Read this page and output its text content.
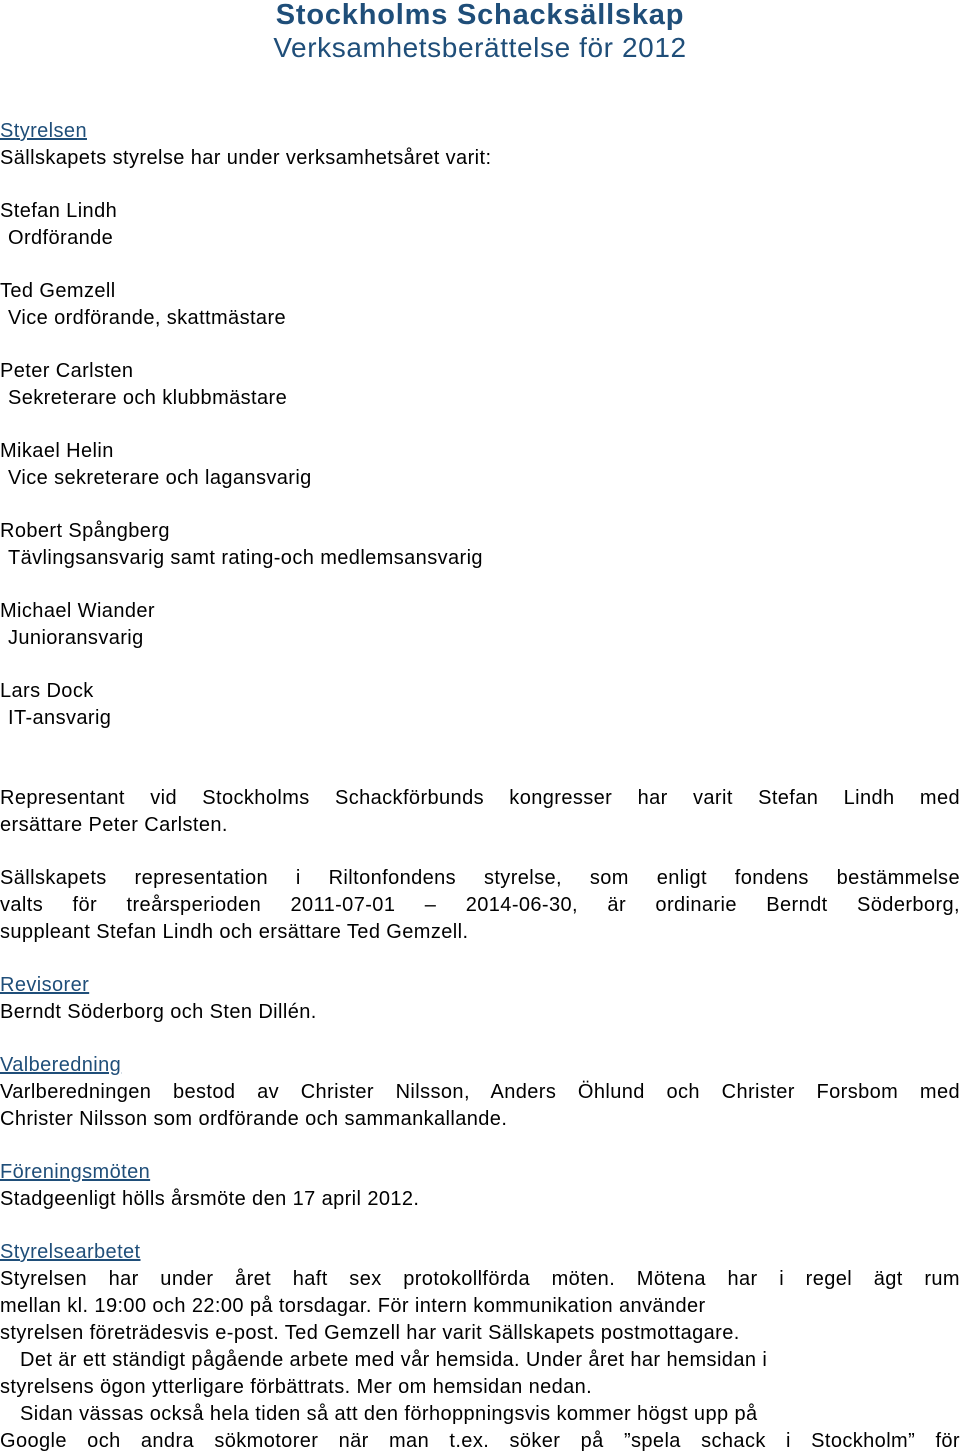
Stockholms Schacksällskap
Verksamhetsberättelse för 2012
Styrelsen
Sällskapets styrelse har under verksamhetsåret varit:
Stefan Lindh
Ordförande
Ted Gemzell
Vice ordförande, skattmästare
Peter Carlsten
Sekreterare och klubbmästare
Mikael Helin
Vice sekreterare och lagansvarig
Robert Spångberg
Tävlingsansvarig samt rating-och medlemsansvarig
Michael Wiander
Junioransvarig
Lars Dock
IT-ansvarig
Representant vid Stockholms Schackförbunds kongresser har varit Stefan Lindh med
ersättare Peter Carlsten.
Sällskapets representation i Riltonfondens styrelse, som enligt fondens bestämmelse
valts för treårsperioden 2011-07-01 – 2014-06-30, är ordinarie Berndt Söderborg,
suppleant Stefan Lindh och ersättare Ted Gemzell.
Revisorer
Berndt Söderborg och Sten Dillén.
Valberedning
Varlberedningen bestod av Christer Nilsson, Anders Öhlund och Christer Forsbom med
Christer Nilsson som ordförande och sammankallande.
Föreningsmöten
Stadgeenligt hölls årsmöte den 17 april 2012.
Styrelsearbetet
Styrelsen har under året haft sex protokollförda möten. Mötena har i regel ägt rum
mellan kl. 19:00 och 22:00 på torsdagar. För intern kommunikation använder
styrelsen företrädesvis e-post. Ted Gemzell har varit Sällskapets postmottagare.
Det är ett ständigt pågående arbete med vår hemsida. Under året har hemsidan i
styrelsens ögon ytterligare förbättrats. Mer om hemsidan nedan.
Sidan vässas också hela tiden så att den förhoppningsvis kommer högst upp på
Google och andra sökmotorer när man t.ex. söker på ”spela schack i Stockholm” för
